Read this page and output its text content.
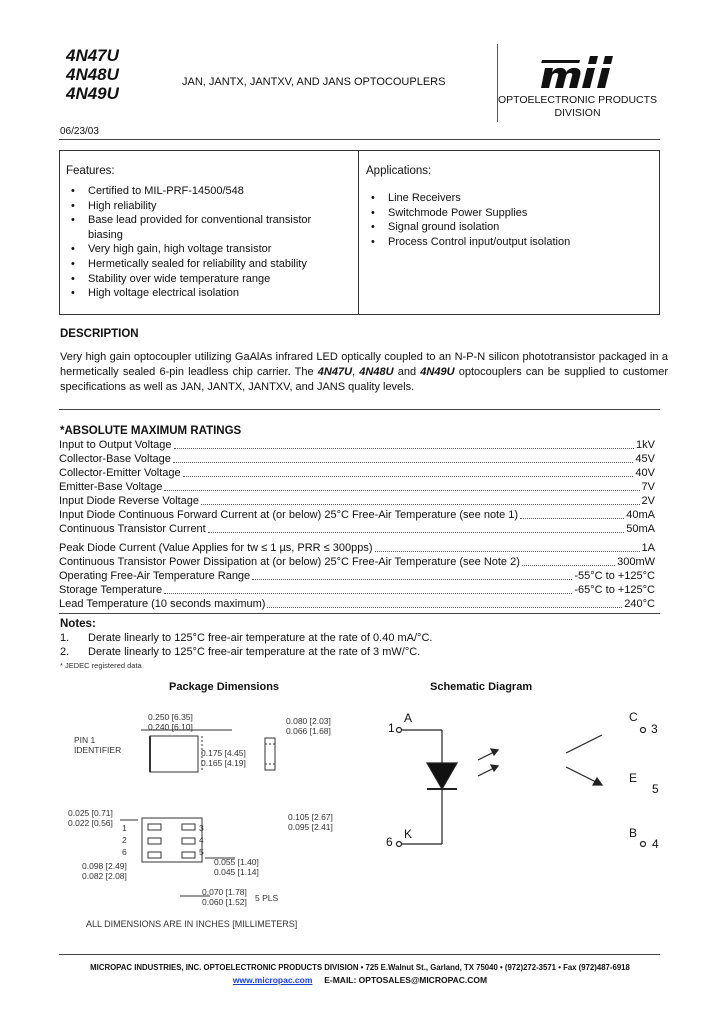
4N47U
4N48U
4N49U
JAN, JANTX, JANTXV, AND JANS OPTOCOUPLERS
OPTOELECTRONIC PRODUCTS
DIVISION
06/23/03
Features:
• Certified to MIL-PRF-14500/548
• High reliability
• Base lead provided for conventional transistor biasing
• Very high gain, high voltage transistor
• Hermetically sealed for reliability and stability
• Stability over wide temperature range
• High voltage electrical isolation
Applications:
• Line Receivers
• Switchmode Power Supplies
• Signal ground isolation
• Process Control input/output isolation
DESCRIPTION
Very high gain optocoupler utilizing GaAlAs infrared LED optically coupled to an N-P-N silicon phototransistor packaged in a hermetically sealed 6-pin leadless chip carrier. The 4N47U, 4N48U and 4N49U optocouplers can be supplied to customer specifications as well as JAN, JANTX, JANTXV, and JANS quality levels.
*ABSOLUTE MAXIMUM RATINGS
Input to Output Voltage	1kV
Collector-Base Voltage	45V
Collector-Emitter Voltage	40V
Emitter-Base Voltage	7V
Input Diode Reverse Voltage	2V
Input Diode Continuous Forward Current at (or below) 25°C Free-Air Temperature (see note 1)	40mA
Continuous Transistor Current	50mA
Peak Diode Current (Value Applies for tw ≤ 1 µs, PRR ≤ 300pps)	1A
Continuous Transistor Power Dissipation at (or below) 25°C Free-Air Temperature (see Note 2)	300mW
Operating Free-Air Temperature Range	-55°C to +125°C
Storage Temperature	-65°C to +125°C
Lead Temperature (10 seconds maximum)	240°C
Notes:
1.	Derate linearly to 125°C free-air temperature at the rate of 0.40 mA/°C.
2.	Derate linearly to 125°C free-air temperature at the rate of 3 mW/°C.
* JEDEC registered data
Package Dimensions
PIN 1
IDENTIFIER
0.250 [6.35]
0.240 [6.10]
0.080 [2.03]
0.066 [1.68]
0.175 [4.45]
0.165 [4.19]
0.025 [0.71]
0.022 [0.56]
0.105 [2.67]
0.095 [2.41]
0.098 [2.49]
0.082 [2.08]
0.055 [1.40]
0.045 [1.14]
0.070 [1.78]
0.060 [1.52] 5 PLS
1
2
6
3
4
5
ALL DIMENSIONS ARE IN INCHES [MILLIMETERS]
Schematic Diagram
1
A
6
K
C
3
E
5
B
4
MICROPAC INDUSTRIES, INC. OPTOELECTRONIC PRODUCTS DIVISION • 725 E.Walnut St., Garland, TX 75040 • (972)272-3571 • Fax (972)487-6918
www.micropac.com E-MAIL: OPTOSALES@MICROPAC.COM
